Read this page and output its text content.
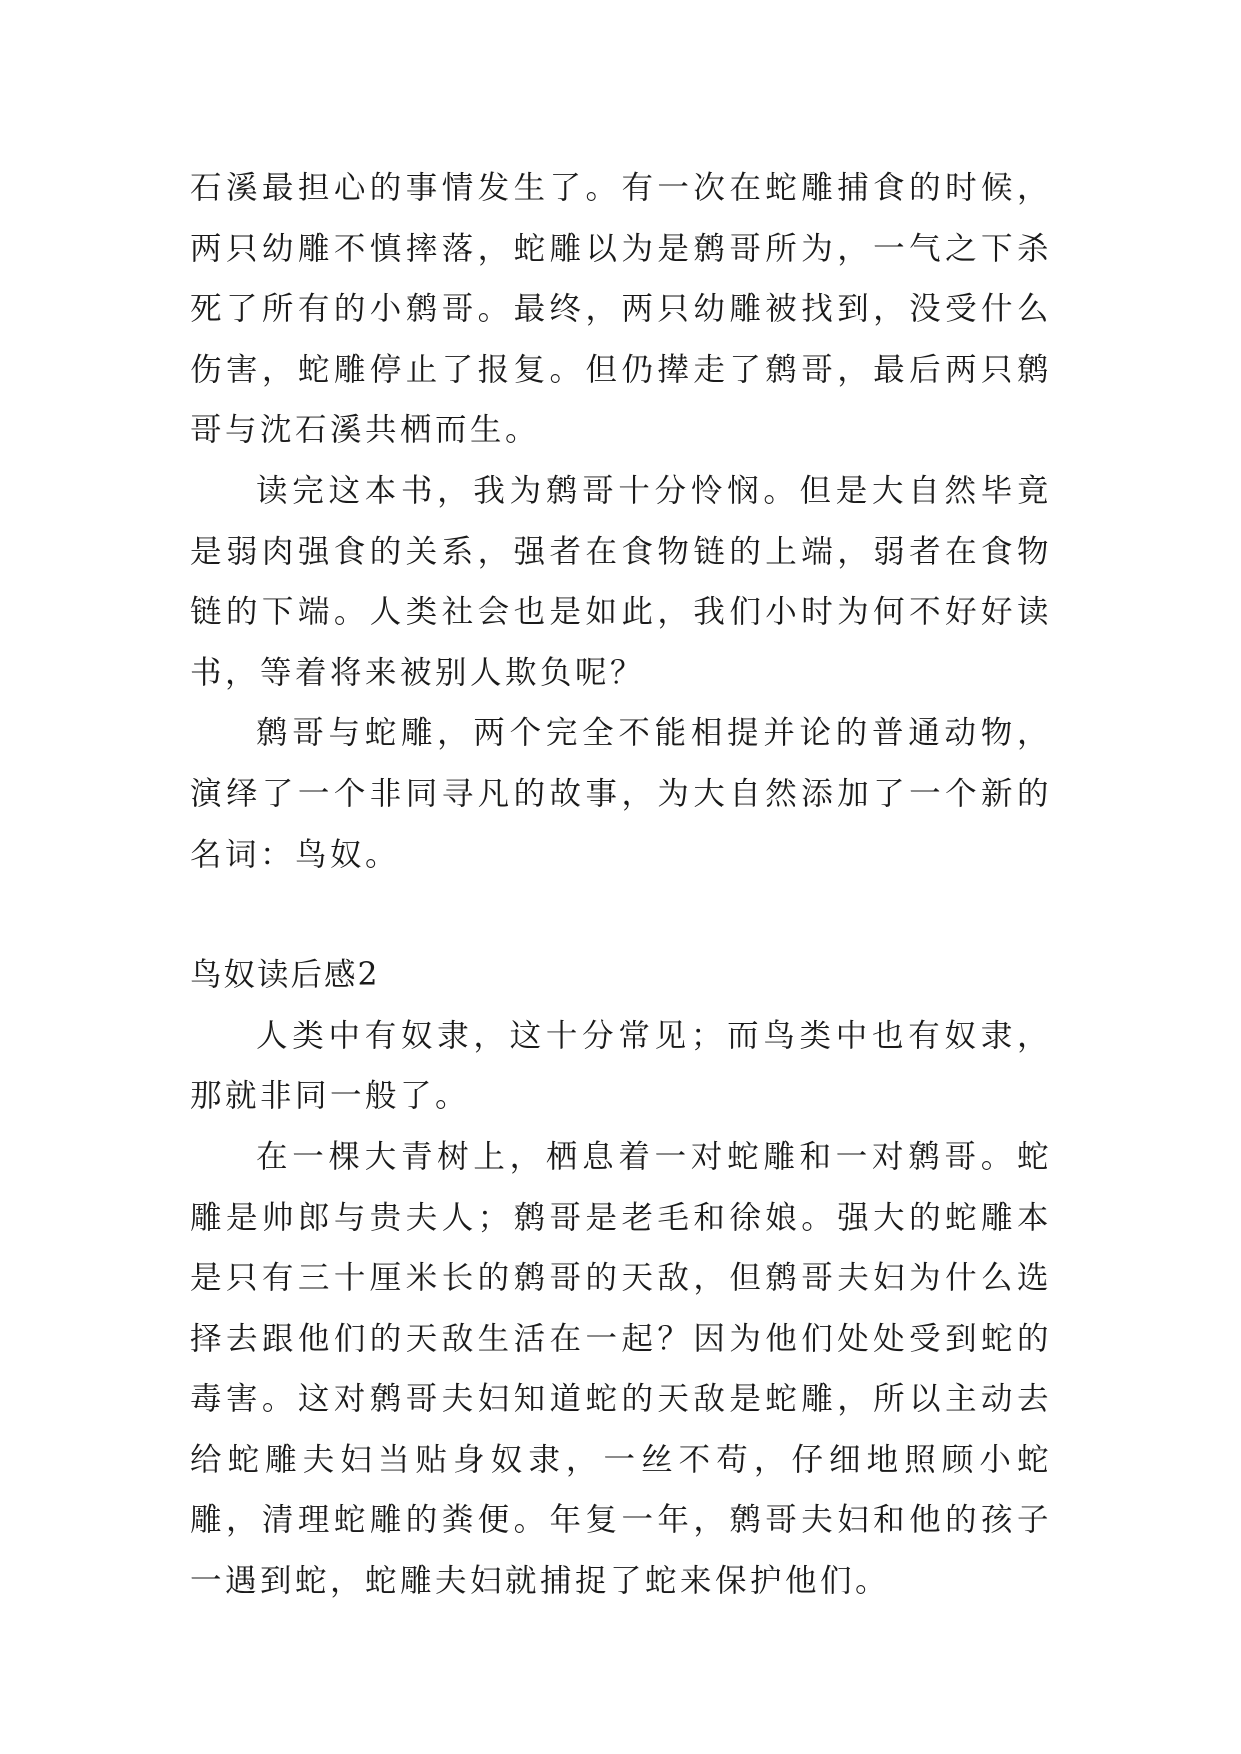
石溪最担心的事情发生了。有一次在蛇雕捕食的时候，两只幼雕不慎摔落，蛇雕以为是鹩哥所为，一气之下杀死了所有的小鹩哥。最终，两只幼雕被找到，没受什么伤害，蛇雕停止了报复。但仍撵走了鹩哥，最后两只鹩哥与沈石溪共栖而生。

读完这本书，我为鹩哥十分怜悯。但是大自然毕竟是弱肉强食的关系，强者在食物链的上端，弱者在食物链的下端。人类社会也是如此，我们小时为何不好好读书，等着将来被别人欺负呢？

鹩哥与蛇雕，两个完全不能相提并论的普通动物，演绎了一个非同寻凡的故事，为大自然添加了一个新的名词：鸟奴。

鸟奴读后感2

人类中有奴隶，这十分常见；而鸟类中也有奴隶，那就非同一般了。

在一棵大青树上，栖息着一对蛇雕和一对鹩哥。蛇雕是帅郎与贵夫人；鹩哥是老毛和徐娘。强大的蛇雕本是只有三十厘米长的鹩哥的天敌，但鹩哥夫妇为什么选择去跟他们的天敌生活在一起？因为他们处处受到蛇的毒害。这对鹩哥夫妇知道蛇的天敌是蛇雕，所以主动去给蛇雕夫妇当贴身奴隶，一丝不苟，仔细地照顾小蛇雕，清理蛇雕的粪便。年复一年，鹩哥夫妇和他的孩子一遇到蛇，蛇雕夫妇就捕捉了蛇来保护他们。
